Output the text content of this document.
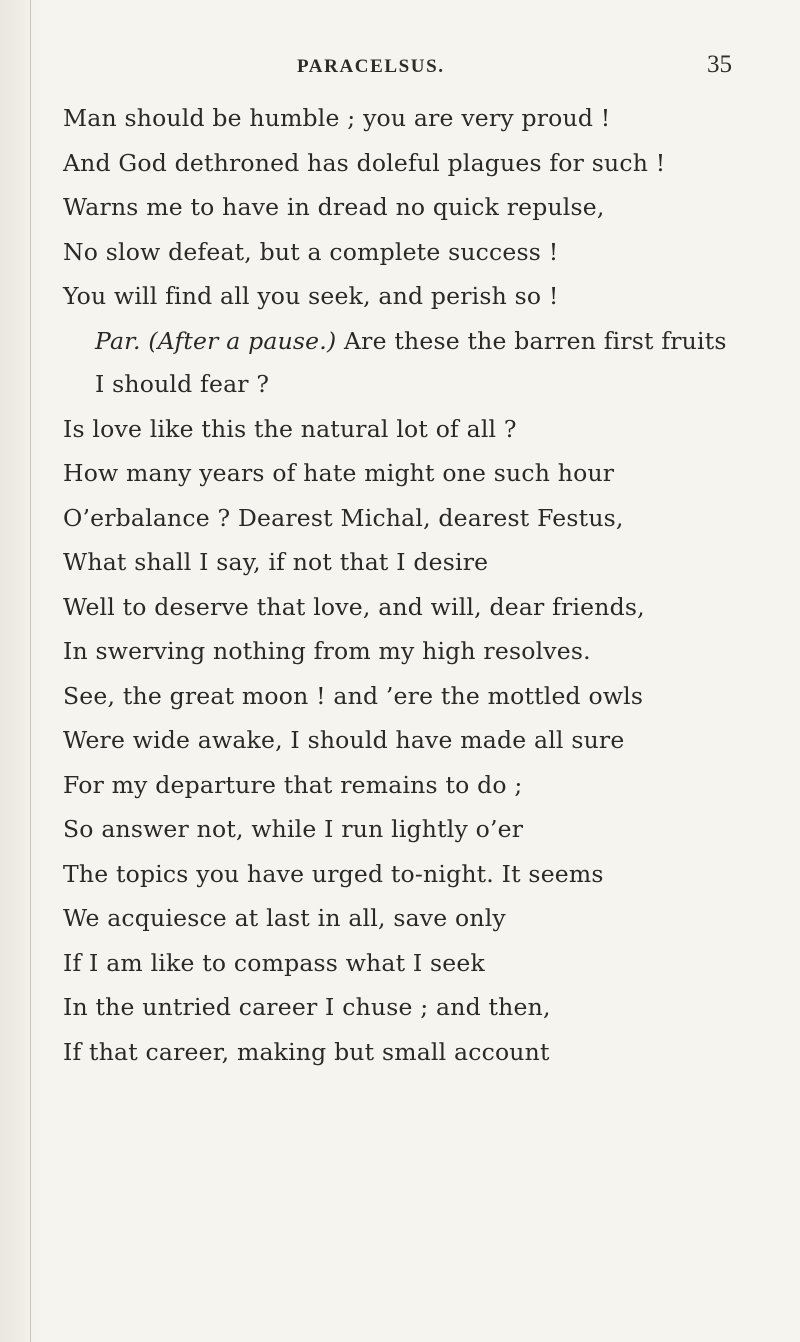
PARACELSUS.	35
Man should be humble ; you are very proud !
And God dethroned has doleful plagues for such !
Warns me to have in dread no quick repulse,
No slow defeat, but a complete success !
You will find all you seek, and perish so !
Par. (After a pause.) Are these the barren first fruits
I should fear ?
Is love like this the natural lot of all ?
How many years of hate might one such hour
O’erbalance ? Dearest Michal, dearest Festus,
What shall I say, if not that I desire
Well to deserve that love, and will, dear friends,
In swerving nothing from my high resolves.
See, the great moon ! and ’ere the mottled owls
Were wide awake, I should have made all sure
For my departure that remains to do ;
So answer not, while I run lightly o’er
The topics you have urged to-night. It seems
We acquiesce at last in all, save only
If I am like to compass what I seek
In the untried career I chuse ; and then,
If that career, making but small account
